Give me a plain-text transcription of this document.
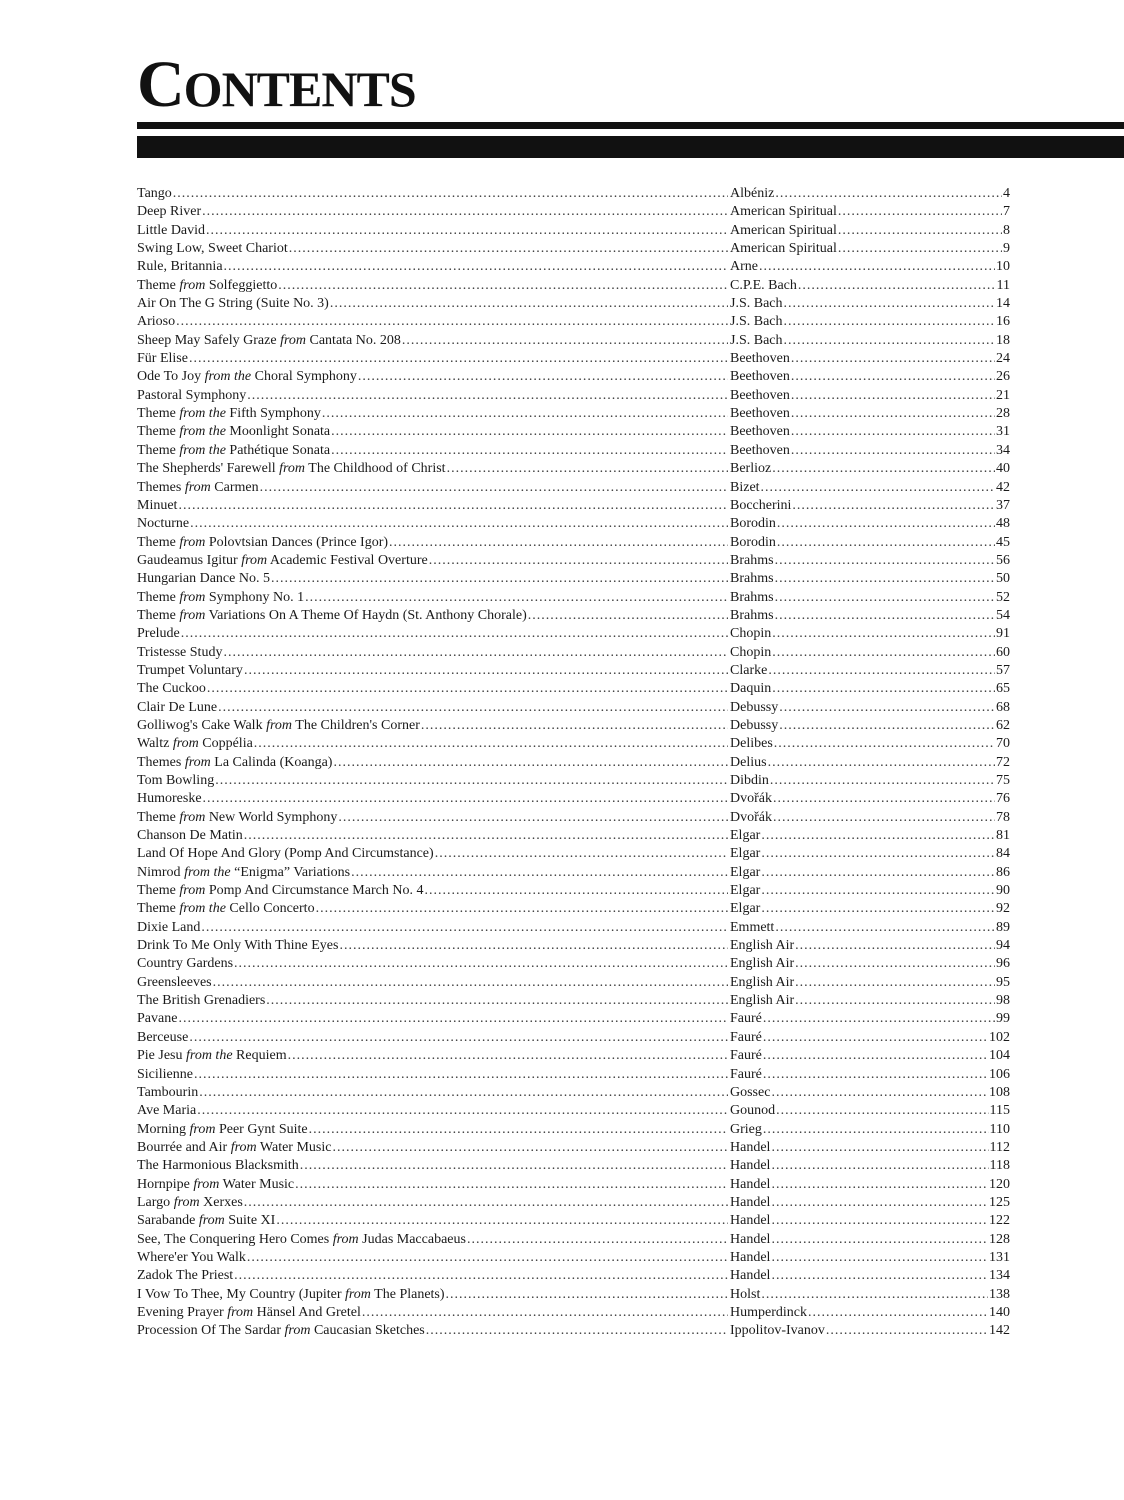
CONTENTS
Tango .....	Albéniz .....	4
Deep River .....	American Spiritual .....	7
Little David .....	American Spiritual .....	8
Swing Low, Sweet Chariot .....	American Spiritual .....	9
Rule, Britannia .....	Arne .....	10
Theme from Solfeggietto .....	C.P.E. Bach .....	11
Air On The G String (Suite No. 3) .....	J.S. Bach .....	14
Arioso .....	J.S. Bach .....	16
Sheep May Safely Graze from Cantata No. 208 .....	J.S. Bach .....	18
Für Elise .....	Beethoven .....	24
Ode To Joy from the Choral Symphony .....	Beethoven .....	26
Pastoral Symphony .....	Beethoven .....	21
Theme from the Fifth Symphony .....	Beethoven .....	28
Theme from the Moonlight Sonata .....	Beethoven .....	31
Theme from the Pathétique Sonata .....	Beethoven .....	34
The Shepherds' Farewell from The Childhood of Christ .....	Berlioz .....	40
Themes from Carmen .....	Bizet .....	42
Minuet .....	Boccherini .....	37
Nocturne .....	Borodin .....	48
Theme from Polovtsian Dances (Prince Igor) .....	Borodin .....	45
Gaudeamus Igitur from Academic Festival Overture .....	Brahms .....	56
Hungarian Dance No. 5 .....	Brahms .....	50
Theme from Symphony No. 1 .....	Brahms .....	52
Theme from Variations On A Theme Of Haydn (St. Anthony Chorale) .....	Brahms .....	54
Prelude .....	Chopin .....	91
Tristesse Study .....	Chopin .....	60
Trumpet Voluntary .....	Clarke .....	57
The Cuckoo .....	Daquin .....	65
Clair De Lune .....	Debussy .....	68
Golliwog's Cake Walk from The Children's Corner .....	Debussy .....	62
Waltz from Coppélia .....	Delibes .....	70
Themes from La Calinda (Koanga) .....	Delius .....	72
Tom Bowling .....	Dibdin .....	75
Humoreske .....	Dvořák .....	76
Theme from New World Symphony .....	Dvořák .....	78
Chanson De Matin .....	Elgar .....	81
Land Of Hope And Glory (Pomp And Circumstance) .....	Elgar .....	84
Nimrod from the “Enigma” Variations .....	Elgar .....	86
Theme from Pomp And Circumstance March No. 4 .....	Elgar .....	90
Theme from the Cello Concerto .....	Elgar .....	92
Dixie Land .....	Emmett .....	89
Drink To Me Only With Thine Eyes .....	English Air .....	94
Country Gardens .....	English Air .....	96
Greensleeves .....	English Air .....	95
The British Grenadiers .....	English Air .....	98
Pavane .....	Fauré .....	99
Berceuse .....	Fauré .....	102
Pie Jesu from the Requiem .....	Fauré .....	104
Sicilienne .....	Fauré .....	106
Tambourin .....	Gossec .....	108
Ave Maria .....	Gounod .....	115
Morning from Peer Gynt Suite .....	Grieg .....	110
Bourrée and Air from Water Music .....	Handel .....	112
The Harmonious Blacksmith .....	Handel .....	118
Hornpipe from Water Music .....	Handel .....	120
Largo from Xerxes .....	Handel .....	125
Sarabande from Suite XI .....	Handel .....	122
See, The Conquering Hero Comes from Judas Maccabaeus .....	Handel .....	128
Where'er You Walk .....	Handel .....	131
Zadok The Priest .....	Handel .....	134
I Vow To Thee, My Country (Jupiter from The Planets) .....	Holst .....	138
Evening Prayer from Hänsel And Gretel .....	Humperdinck .....	140
Procession Of The Sardar from Caucasian Sketches .....	Ippolitov-Ivanov .....	142
